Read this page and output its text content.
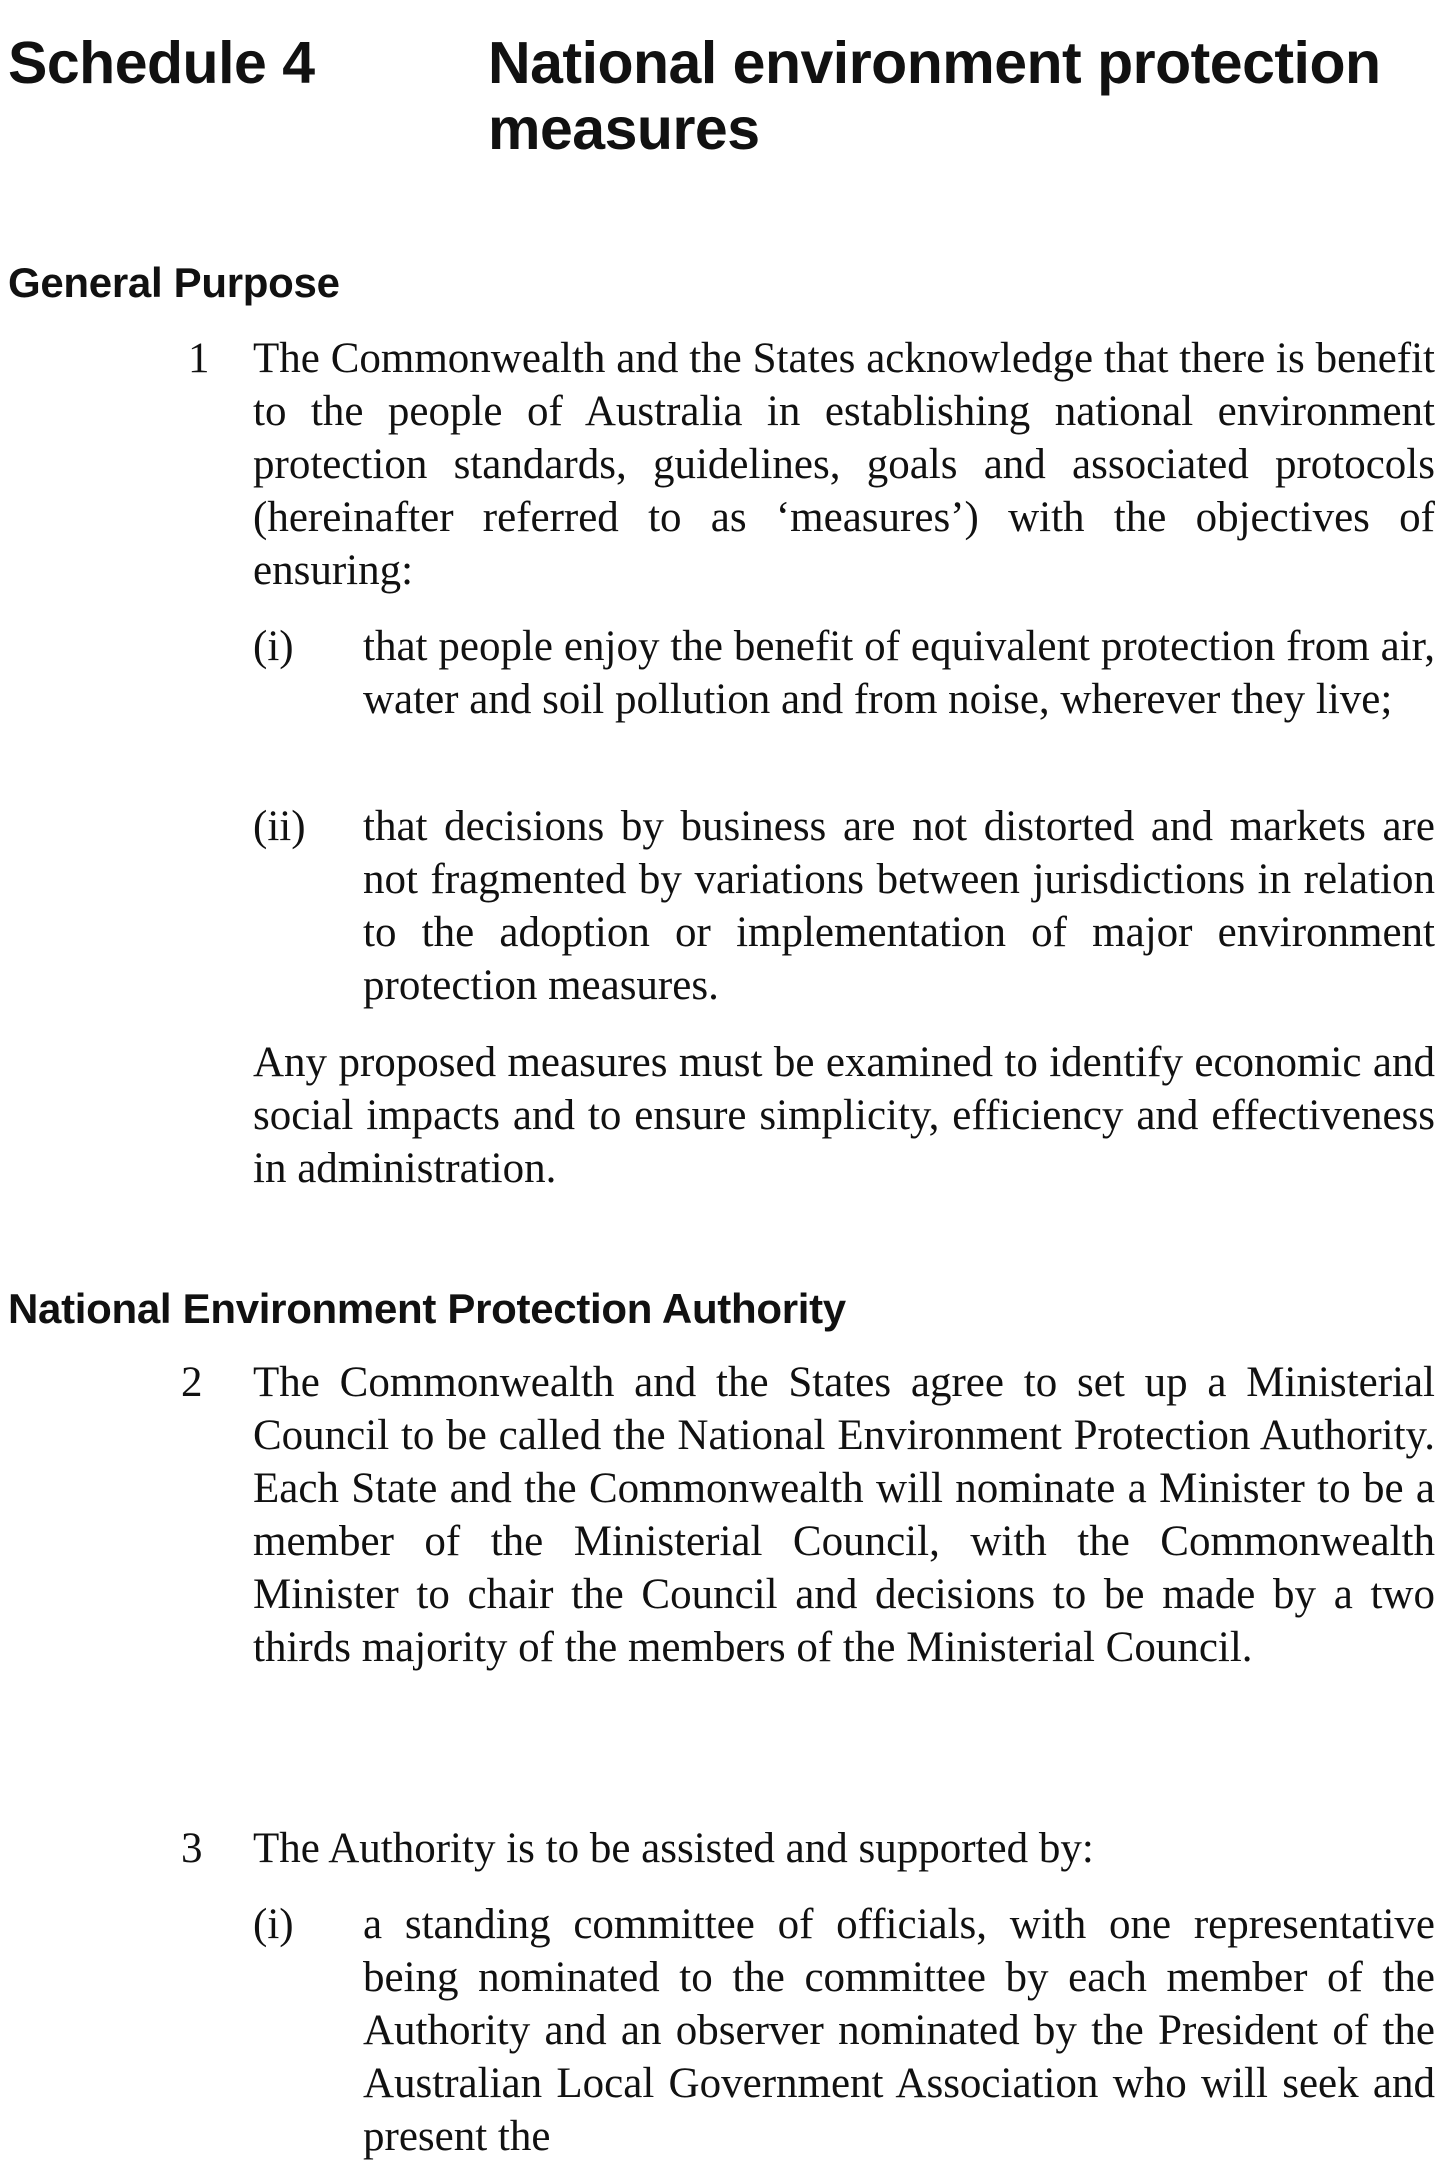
Schedule 4	National environment protection measures
General Purpose
1 The Commonwealth and the States acknowledge that there is benefit to the people of Australia in establishing national environment protection standards, guidelines, goals and associated protocols (hereinafter referred to as ‘measures’) with the objectives of ensuring:
(i) that people enjoy the benefit of equivalent protection from air, water and soil pollution and from noise, wherever they live;
(ii) that decisions by business are not distorted and markets are not fragmented by variations between jurisdictions in relation to the adoption or implementation of major environment protection measures.
Any proposed measures must be examined to identify economic and social impacts and to ensure simplicity, efficiency and effectiveness in administration.
National Environment Protection Authority
2 The Commonwealth and the States agree to set up a Ministerial Council to be called the National Environment Protection Authority. Each State and the Commonwealth will nominate a Minister to be a member of the Ministerial Council, with the Commonwealth Minister to chair the Council and decisions to be made by a two thirds majority of the members of the Ministerial Council.
3 The Authority is to be assisted and supported by:
(i) a standing committee of officials, with one representative being nominated to the committee by each member of the Authority and an observer nominated by the President of the Australian Local Government Association who will seek and present the
